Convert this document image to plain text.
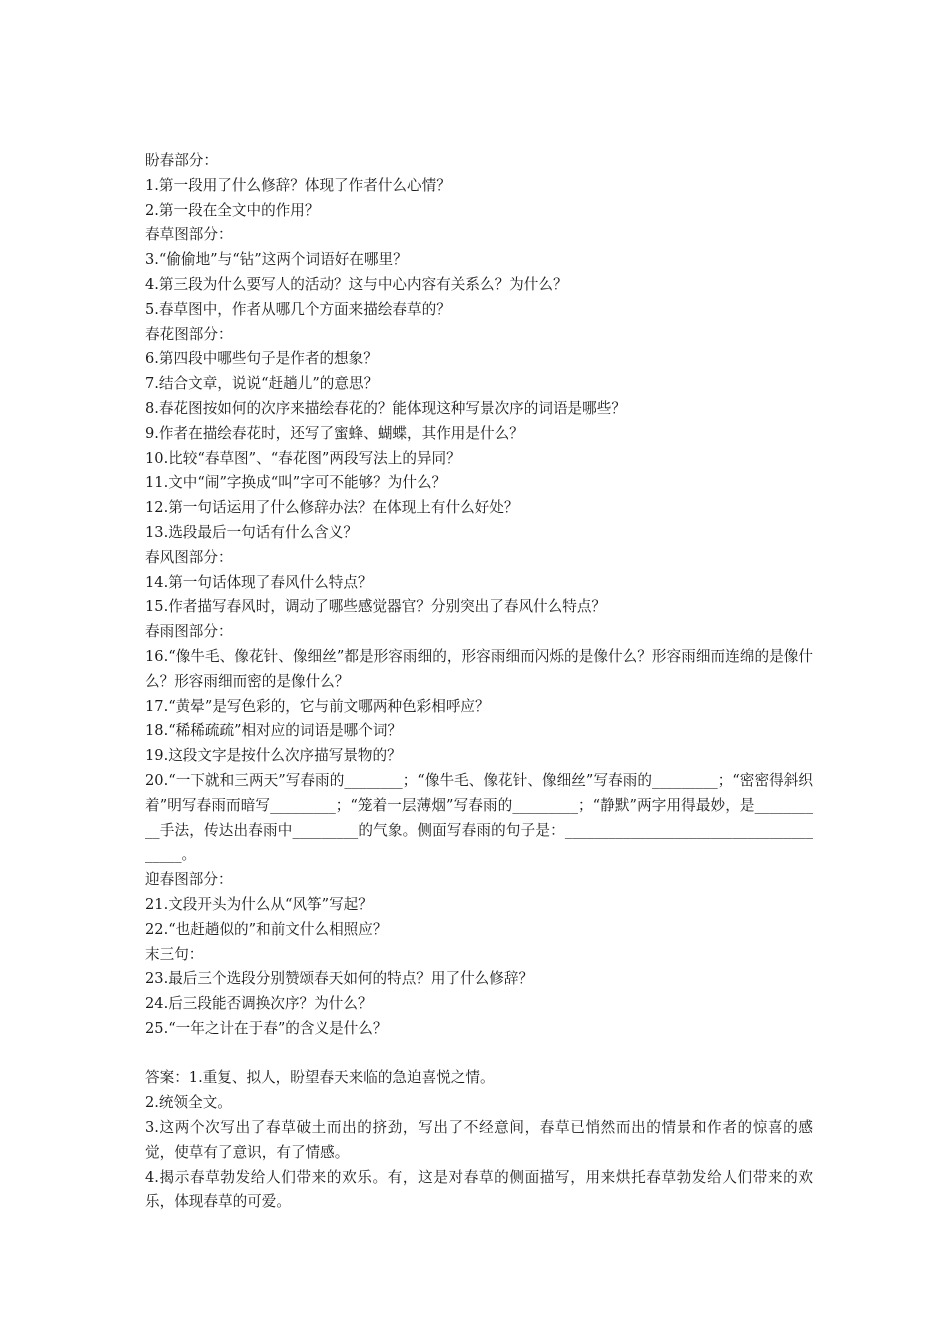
盼春部分：

1.第一段用了什么修辞？体现了作者什么心情？

2.第一段在全文中的作用？

春草图部分：

3.“偷偷地”与“钻”这两个词语好在哪里？

4.第三段为什么要写人的活动？这与中心内容有关系么？为什么？

5.春草图中，作者从哪几个方面来描绘春草的？

春花图部分：

6.第四段中哪些句子是作者的想象？

7.结合文章，说说“赶趟儿”的意思？

8.春花图按如何的次序来描绘春花的？能体现这种写景次序的词语是哪些？

9.作者在描绘春花时，还写了蜜蜂、蝴蝶，其作用是什么？

10.比较“春草图”、“春花图”两段写法上的异同？

11.文中“闹”字换成“叫”字可不能够？为什么？

12.第一句话运用了什么修辞办法？在体现上有什么好处？

13.选段最后一句话有什么含义？

春风图部分：

14.第一句话体现了春风什么特点？

15.作者描写春风时，调动了哪些感觉器官？分别突出了春风什么特点？

春雨图部分：

16.“像牛毛、像花针、像细丝”都是形容雨细的，形容雨细而闪烁的是像什么？形容雨细而连绵的是像什么？形容雨细而密的是像什么？

17.“黄晕”是写色彩的，它与前文哪两种色彩相呼应？

18.“稀稀疏疏”相对应的词语是哪个词？

19.这段文字是按什么次序描写景物的？

20.“一下就和三两天”写春雨的________；“像牛毛、像花针、像细丝”写春雨的_________；“密密得斜织着”明写春雨而暗写_________；“笼着一层薄烟”写春雨的_________；“静默”两字用得最妙，是__________手法，传达出春雨中_________的气象。侧面写春雨的句子是：_______________________________________。

迎春图部分：

21.文段开头为什么从“风筝”写起？

22.“也赶趟似的”和前文什么相照应？

末三句：

23.最后三个选段分别赞颂春天如何的特点？用了什么修辞？

24.后三段能否调换次序？为什么？

25.“一年之计在于春”的含义是什么？

答案：1.重复、拟人，盼望春天来临的急迫喜悦之情。

2.统领全文。

3.这两个次写出了春草破土而出的挤劲，写出了不经意间，春草已悄然而出的情景和作者的惊喜的感觉，使草有了意识，有了情感。

4.揭示春草勃发给人们带来的欢乐。有，这是对春草的侧面描写，用来烘托春草勃发给人们带来的欢乐，体现春草的可爱。
